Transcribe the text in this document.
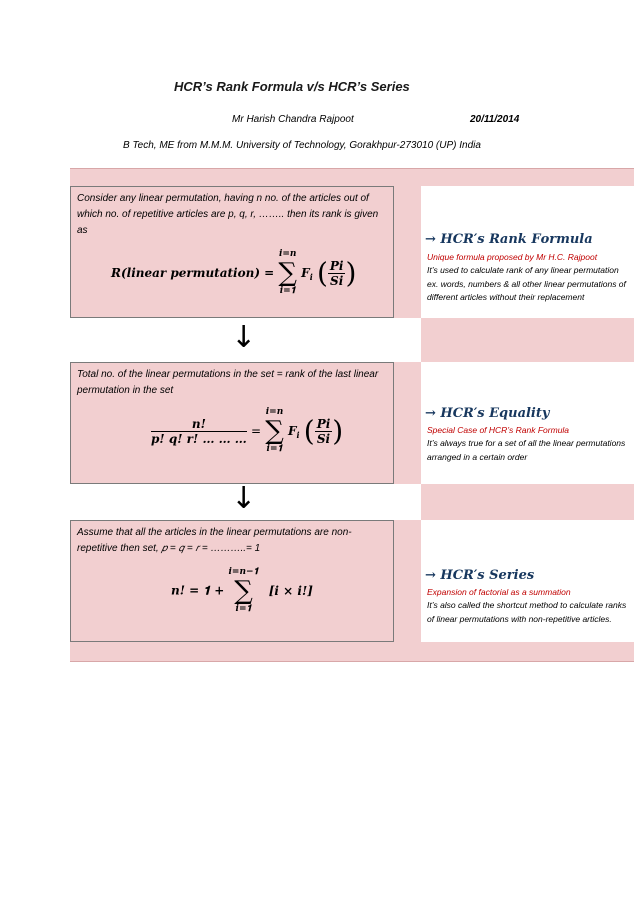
HCR’s Rank Formula v/s HCR’s Series
Mr Harish Chandra Rajpoot	20/11/2014
B Tech, ME from M.M.M. University of Technology, Gorakhpur-273010 (UP) India
Consider any linear permutation, having n no. of the articles out of which no. of repetitive articles are p, q, r, …….. then its rank is given as
𝑹(𝒍𝒊𝒏𝒆𝒂𝒓 𝒑𝒆𝒓𝒎𝒖𝒕𝒂𝒕𝒊𝒐𝒏) =
𝒊=𝒏
∑
𝒊=𝟏
𝑭$_𝒊$ ( $\frac{\text{𝑷𝒊}}{\text{𝑺𝒊}}$ )
→ 𝑯𝑪𝑹′𝒔 𝑹𝒂𝒏𝒌 𝑭𝒐𝒓𝒎𝒖𝒍𝒂
Unique formula proposed by Mr H.C. Rajpoot
It’s used to calculate rank of any linear permutation ex. words, numbers & all other linear permutations of different articles without their replacement
↓
Total no. of the linear permutations in the set = rank of the last linear permutation in the set
$\frac{\text{𝒏!}}{\text{𝒑! 𝒒! 𝒓! … … …}}$ =
𝒊=𝒏
∑
𝒊=𝟏
𝑭$_𝒊$ ( $\frac{\text{𝑷𝒊}}{\text{𝑺𝒊}}$ )
→ 𝑯𝑪𝑹′𝒔 𝑬𝒒𝒖𝒂𝒍𝒊𝒕𝒚
Special Case of HCR’s Rank Formula
It’s always true for a set of all the linear permutations arranged in a certain order
↓
Assume that all the articles in the linear permutations are non-repetitive then set, 𝑝 = 𝑞 = 𝑟 = ………..= 1
𝒏! = 𝟏 +
𝒊=𝒏−𝟏
∑
𝒊=𝟏
[𝒊 × 𝒊!]
→ 𝑯𝑪𝑹′𝒔 𝑺𝒆𝒓𝒊𝒆𝒔
Expansion of factorial as a summation
It’s also called the shortcut method to calculate ranks of linear permutations with non-repetitive articles.
